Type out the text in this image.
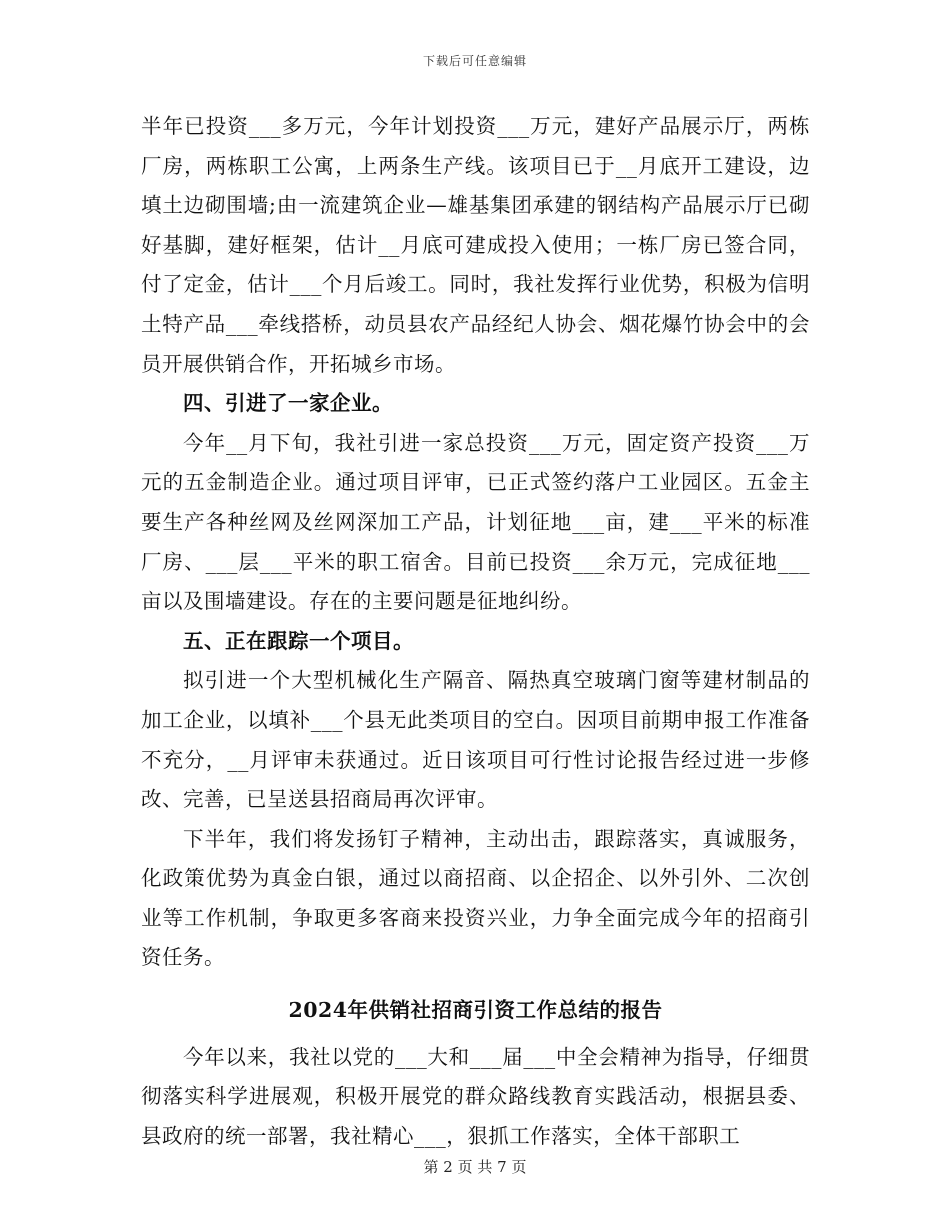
下载后可任意编辑

半年已投资___多万元，今年计划投资___万元，建好产品展示厅，两栋厂房，两栋职工公寓，上两条生产线。该项目已于__月底开工建设，边填土边砌围墙;由一流建筑企业—雄基集团承建的钢结构产品展示厅已砌好基脚，建好框架，估计__月底可建成投入使用；一栋厂房已签合同，付了定金，估计___个月后竣工。同时，我社发挥行业优势，积极为信明土特产品___牵线搭桥，动员县农产品经纪人协会、烟花爆竹协会中的会员开展供销合作，开拓城乡市场。

四、引进了一家企业。

今年__月下旬，我社引进一家总投资___万元，固定资产投资___万元的五金制造企业。通过项目评审，已正式签约落户工业园区。五金主要生产各种丝网及丝网深加工产品，计划征地___亩，建___平米的标准厂房、___层___平米的职工宿舍。目前已投资___余万元，完成征地___亩以及围墙建设。存在的主要问题是征地纠纷。

五、正在跟踪一个项目。

拟引进一个大型机械化生产隔音、隔热真空玻璃门窗等建材制品的加工企业，以填补___个县无此类项目的空白。因项目前期申报工作准备不充分，__月评审未获通过。近日该项目可行性讨论报告经过进一步修改、完善，已呈送县招商局再次评审。

下半年，我们将发扬钉子精神，主动出击，跟踪落实，真诚服务，化政策优势为真金白银，通过以商招商、以企招企、以外引外、二次创业等工作机制，争取更多客商来投资兴业，力争全面完成今年的招商引资任务。

2024年供销社招商引资工作总结的报告

今年以来，我社以党的___大和___届___中全会精神为指导，仔细贯彻落实科学进展观，积极开展党的群众路线教育实践活动，根据县委、县政府的统一部署，我社精心___，狠抓工作落实，全体干部职工

第 2 页 共 7 页
